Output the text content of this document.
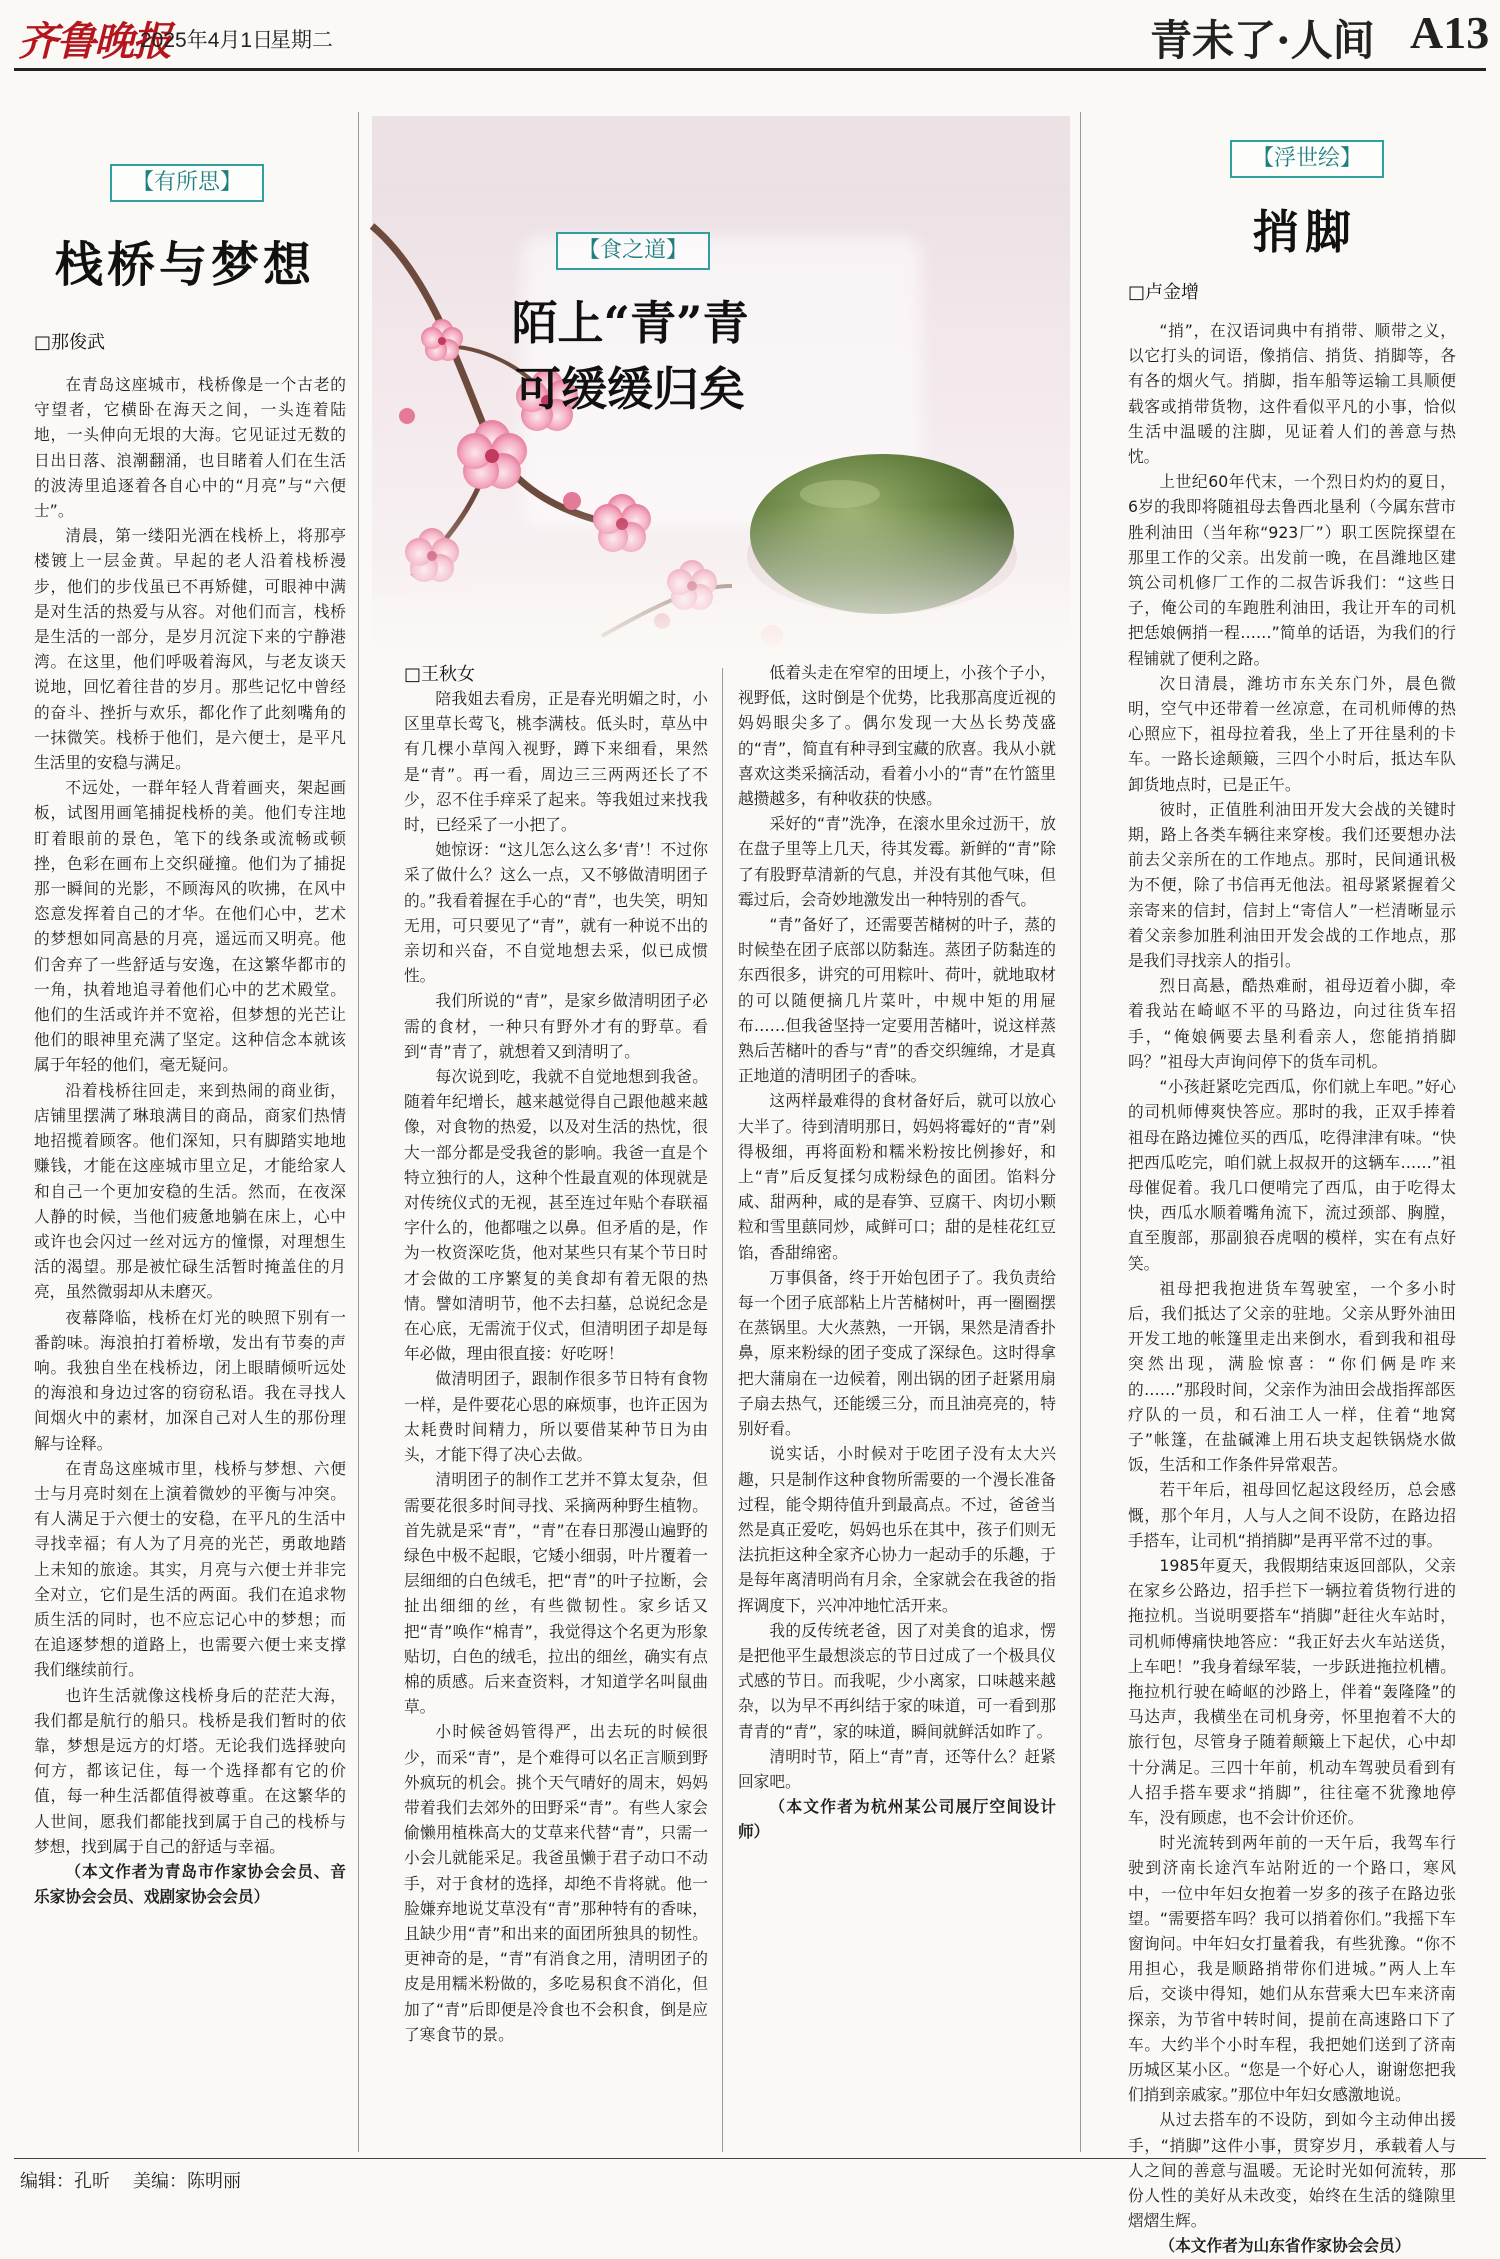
齐鲁晚报
2025年4月1日
星期二	青未了·人间 A13
【有所思】
栈桥与梦想
□那俊武

在青岛这座城市，栈桥像是一个古老的守望者，它横卧在海天之间，一头连着陆地，一头伸向无垠的大海。它见证过无数的日出日落、浪潮翻涌，也目睹着人们在生活的波涛里追逐着各自心中的“月亮”与“六便士”。

清晨，第一缕阳光洒在栈桥上，将那亭楼镀上一层金黄。早起的老人沿着栈桥漫步，他们的步伐虽已不再矫健，可眼神中满是对生活的热爱与从容。对他们而言，栈桥是生活的一部分，是岁月沉淀下来的宁静港湾。在这里，他们呼吸着海风，与老友谈天说地，回忆着往昔的岁月。那些记忆中曾经的奋斗、挫折与欢乐，都化作了此刻嘴角的一抹微笑。栈桥于他们，是六便士，是平凡生活里的安稳与满足。

不远处，一群年轻人背着画夹，架起画板，试图用画笔捕捉栈桥的美。他们专注地盯着眼前的景色，笔下的线条或流畅或顿挫，色彩在画布上交织碰撞。他们为了捕捉那一瞬间的光影，不顾海风的吹拂，在风中恣意发挥着自己的才华。在他们心中，艺术的梦想如同高悬的月亮，遥远而又明亮。他们舍弃了一些舒适与安逸，在这繁华都市的一角，执着地追寻着他们心中的艺术殿堂。他们的生活或许并不宽裕，但梦想的光芒让他们的眼神里充满了坚定。这种信念本就该属于年轻的他们，毫无疑问。

沿着栈桥往回走，来到热闹的商业街，店铺里摆满了琳琅满目的商品，商家们热情地招揽着顾客。他们深知，只有脚踏实地地赚钱，才能在这座城市里立足，才能给家人和自己一个更加安稳的生活。然而，在夜深人静的时候，当他们疲惫地躺在床上，心中或许也会闪过一丝对远方的憧憬，对理想生活的渴望。那是被忙碌生活暂时掩盖住的月亮，虽然微弱却从未磨灭。

夜幕降临，栈桥在灯光的映照下别有一番韵味。海浪拍打着桥墩，发出有节奏的声响。我独自坐在栈桥边，闭上眼睛倾听远处的海浪和身边过客的窃窃私语。我在寻找人间烟火中的素材，加深自己对人生的那份理解与诠释。

在青岛这座城市里，栈桥与梦想、六便士与月亮时刻在上演着微妙的平衡与冲突。有人满足于六便士的安稳，在平凡的生活中寻找幸福；有人为了月亮的光芒，勇敢地踏上未知的旅途。其实，月亮与六便士并非完全对立，它们是生活的两面。我们在追求物质生活的同时，也不应忘记心中的梦想；而在追逐梦想的道路上，也需要六便士来支撑我们继续前行。

也许生活就像这栈桥身后的茫茫大海，我们都是航行的船只。栈桥是我们暂时的依靠，梦想是远方的灯塔。无论我们选择驶向何方，都该记住，每一个选择都有它的价值，每一种生活都值得被尊重。在这繁华的人世间，愿我们都能找到属于自己的栈桥与梦想，找到属于自己的舒适与幸福。

（本文作者为青岛市作家协会会员、音乐家协会会员、戏剧家协会会员）

【食之道】
陌上“青”青
可缓缓归矣
□王秋女

陪我姐去看房，正是春光明媚之时，小区里草长莺飞，桃李满枝。低头时，草丛中有几棵小草闯入视野，蹲下来细看，果然是“青”。再一看，周边三三两两还长了不少，忍不住手痒采了起来。等我姐过来找我时，已经采了一小把了。

她惊讶：“这儿怎么这么多‘青’！不过你采了做什么？这么一点，又不够做清明团子的。”我看着握在手心的“青”，也失笑，明知无用，可只要见了“青”，就有一种说不出的亲切和兴奋，不自觉地想去采，似已成惯性。

我们所说的“青”，是家乡做清明团子必需的食材，一种只有野外才有的野草。看到“青”青了，就想着又到清明了。

每次说到吃，我就不自觉地想到我爸。随着年纪增长，越来越觉得自己跟他越来越像，对食物的热爱，以及对生活的热忱，很大一部分都是受我爸的影响。我爸一直是个特立独行的人，这种个性最直观的体现就是对传统仪式的无视，甚至连过年贴个春联福字什么的，他都嗤之以鼻。但矛盾的是，作为一枚资深吃货，他对某些只有某个节日时才会做的工序繁复的美食却有着无限的热情。譬如清明节，他不去扫墓，总说纪念是在心底，无需流于仪式，但清明团子却是每年必做，理由很直接：好吃呀！

做清明团子，跟制作很多节日特有食物一样，是件要花心思的麻烦事，也许正因为太耗费时间精力，所以要借某种节日为由头，才能下得了决心去做。

清明团子的制作工艺并不算太复杂，但需要花很多时间寻找、采摘两种野生植物。首先就是采“青”，“青”在春日那漫山遍野的绿色中极不起眼，它矮小细弱，叶片覆着一层细细的白色绒毛，把“青”的叶子拉断，会扯出细细的丝，有些微韧性。家乡话又把“青”唤作“棉青”，我觉得这个名更为形象贴切，白色的绒毛，拉出的细丝，确实有点棉的质感。后来查资料，才知道学名叫鼠曲草。

小时候爸妈管得严，出去玩的时候很少，而采“青”，是个难得可以名正言顺到野外疯玩的机会。挑个天气晴好的周末，妈妈带着我们去郊外的田野采“青”。有些人家会偷懒用植株高大的艾草来代替“青”，只需一小会儿就能采足。我爸虽懒于君子动口不动手，对于食材的选择，却绝不肯将就。他一脸嫌弃地说艾草没有“青”那种特有的香味，且缺少用“青”和出来的面团所独具的韧性。更神奇的是，“青”有消食之用，清明团子的皮是用糯米粉做的，多吃易积食不消化，但加了“青”后即便是冷食也不会积食，倒是应了寒食节的景。

低着头走在窄窄的田埂上，小孩个子小，视野低，这时倒是个优势，比我那高度近视的妈妈眼尖多了。偶尔发现一大丛长势茂盛的“青”，简直有种寻到宝藏的欣喜。我从小就喜欢这类采摘活动，看着小小的“青”在竹篮里越攒越多，有种收获的快感。

采好的“青”洗净，在滚水里氽过沥干，放在盘子里等上几天，待其发霉。新鲜的“青”除了有股野草清新的气息，并没有其他气味，但霉过后，会奇妙地激发出一种特别的香气。

“青”备好了，还需要苦槠树的叶子，蒸的时候垫在团子底部以防黏连。蒸团子防黏连的东西很多，讲究的可用粽叶、荷叶，就地取材的可以随便摘几片菜叶，中规中矩的用屉布……但我爸坚持一定要用苦槠叶，说这样蒸熟后苦槠叶的香与“青”的香交织缠绵，才是真正地道的清明团子的香味。

这两样最难得的食材备好后，就可以放心大半了。待到清明那日，妈妈将霉好的“青”剁得极细，再将面粉和糯米粉按比例掺好，和上“青”后反复揉匀成粉绿色的面团。馅料分咸、甜两种，咸的是春笋、豆腐干、肉切小颗粒和雪里蕻同炒，咸鲜可口；甜的是桂花红豆馅，香甜绵密。

万事俱备，终于开始包团子了。我负责给每一个团子底部粘上片苦槠树叶，再一圈圈摆在蒸锅里。大火蒸熟，一开锅，果然是清香扑鼻，原来粉绿的团子变成了深绿色。这时得拿把大蒲扇在一边候着，刚出锅的团子赶紧用扇子扇去热气，还能缓三分，而且油亮亮的，特别好看。

说实话，小时候对于吃团子没有太大兴趣，只是制作这种食物所需要的一个漫长准备过程，能令期待值升到最高点。不过，爸爸当然是真正爱吃，妈妈也乐在其中，孩子们则无法抗拒这种全家齐心协力一起动手的乐趣，于是每年离清明尚有月余，全家就会在我爸的指挥调度下，兴冲冲地忙活开来。

我的反传统老爸，因了对美食的追求，愣是把他平生最想淡忘的节日过成了一个极具仪式感的节日。而我呢，少小离家，口味越来越杂，以为早不再纠结于家的味道，可一看到那青青的“青”，家的味道，瞬间就鲜活如昨了。

清明时节，陌上“青”青，还等什么？赶紧回家吧。

（本文作者为杭州某公司展厅空间设计师）

【浮世绘】
捎脚
□卢金增

“捎”，在汉语词典中有捎带、顺带之义，以它打头的词语，像捎信、捎货、捎脚等，各有各的烟火气。捎脚，指车船等运输工具顺便载客或捎带货物，这件看似平凡的小事，恰似生活中温暖的注脚，见证着人们的善意与热忱。

上世纪60年代末，一个烈日灼灼的夏日，6岁的我即将随祖母去鲁西北垦利（今属东营市胜利油田（当年称“923厂”）职工医院探望在那里工作的父亲。出发前一晚，在昌潍地区建筑公司机修厂工作的二叔告诉我们：“这些日子，俺公司的车跑胜利油田，我让开车的司机把恁娘俩捎一程……”简单的话语，为我们的行程铺就了便利之路。

次日清晨，潍坊市东关东门外，晨色微明，空气中还带着一丝凉意，在司机师傅的热心照应下，祖母拉着我，坐上了开往垦利的卡车。一路长途颠簸，三四个小时后，抵达车队卸货地点时，已是正午。

彼时，正值胜利油田开发大会战的关键时期，路上各类车辆往来穿梭。我们还要想办法前去父亲所在的工作地点。那时，民间通讯极为不便，除了书信再无他法。祖母紧紧握着父亲寄来的信封，信封上“寄信人”一栏清晰显示着父亲参加胜利油田开发会战的工作地点，那是我们寻找亲人的指引。

烈日高悬，酷热难耐，祖母迈着小脚，牵着我站在崎岖不平的马路边，向过往货车招手，“俺娘俩要去垦利看亲人，您能捎捎脚吗？”祖母大声询问停下的货车司机。

“小孩赶紧吃完西瓜，你们就上车吧。”好心的司机师傅爽快答应。那时的我，正双手捧着祖母在路边摊位买的西瓜，吃得津津有味。“快把西瓜吃完，咱们就上叔叔开的这辆车……”祖母催促着。我几口便啃完了西瓜，由于吃得太快，西瓜水顺着嘴角流下，流过颈部、胸膛，直至腹部，那副狼吞虎咽的模样，实在有点好笑。

祖母把我抱进货车驾驶室，一个多小时后，我们抵达了父亲的驻地。父亲从野外油田开发工地的帐篷里走出来倒水，看到我和祖母突然出现，满脸惊喜：“你们俩是咋来的……”那段时间，父亲作为油田会战指挥部医疗队的一员，和石油工人一样，住着“地窝子”帐篷，在盐碱滩上用石块支起铁锅烧水做饭，生活和工作条件异常艰苦。

若干年后，祖母回忆起这段经历，总会感慨，那个年月，人与人之间不设防，在路边招手搭车，让司机“捎捎脚”是再平常不过的事。

1985年夏天，我假期结束返回部队，父亲在家乡公路边，招手拦下一辆拉着货物行进的拖拉机。当说明要搭车“捎脚”赶往火车站时，司机师傅痛快地答应：“我正好去火车站送货，上车吧！”我身着绿军装，一步跃进拖拉机槽。拖拉机行驶在崎岖的沙路上，伴着“轰隆隆”的马达声，我横坐在司机身旁，怀里抱着不大的旅行包，尽管身子随着颠簸上下起伏，心中却十分满足。三四十年前，机动车驾驶员看到有人招手搭车要求“捎脚”，往往毫不犹豫地停车，没有顾虑，也不会计价还价。

时光流转到两年前的一天午后，我驾车行驶到济南长途汽车站附近的一个路口，寒风中，一位中年妇女抱着一岁多的孩子在路边张望。“需要搭车吗？我可以捎着你们。”我摇下车窗询问。中年妇女打量着我，有些犹豫。“你不用担心，我是顺路捎带你们进城。”两人上车后，交谈中得知，她们从东营乘大巴车来济南探亲，为节省中转时间，提前在高速路口下了车。大约半个小时车程，我把她们送到了济南历城区某小区。“您是一个好心人，谢谢您把我们捎到亲戚家。”那位中年妇女感激地说。

从过去搭车的不设防，到如今主动伸出援手，“捎脚”这件小事，贯穿岁月，承载着人与人之间的善意与温暖。无论时光如何流转，那份人性的美好从未改变，始终在生活的缝隙里熠熠生辉。

（本文作者为山东省作家协会会员）

编辑：孔昕 美编：陈明丽
